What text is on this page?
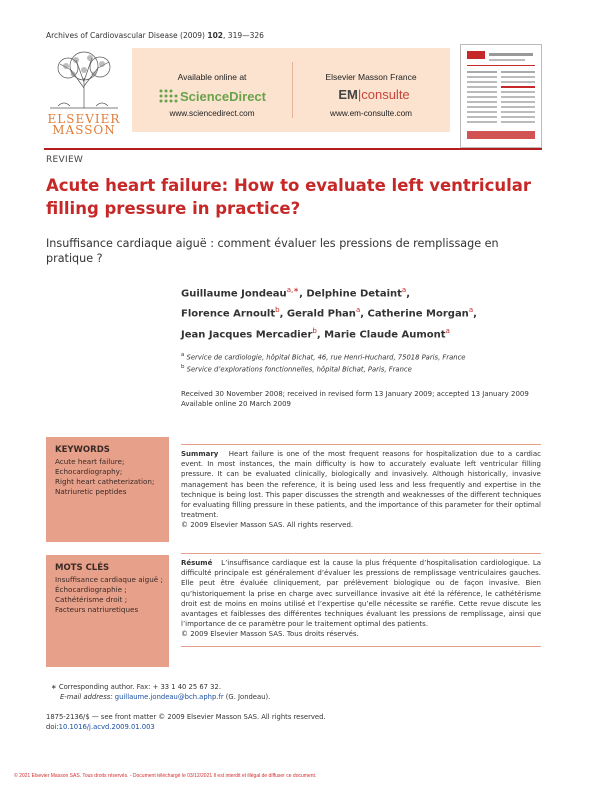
Archives of Cardiovascular Disease (2009) 102, 319—326
ELSEVIER
MASSON
Available online at
ScienceDirect
www.sciencedirect.com
Elsevier Masson France
EM|consulte
www.em-consulte.com
REVIEW
Acute heart failure: How to evaluate left ventricular filling pressure in practice?
Insuffisance cardiaque aiguë : comment évaluer les pressions de remplissage en pratique ?
Guillaume Jondeau$^{a,∗}$, Delphine Detaint$^a$,
Florence Arnoult$^b$, Gerald Phan$^a$, Catherine Morgan$^a$,
Jean Jacques Mercadier$^b$, Marie Claude Aumont$^a$
$^a$ Service de cardiologie, hôpital Bichat, 46, rue Henri-Huchard, 75018 Paris, France
$^b$ Service d’explorations fonctionnelles, hôpital Bichat, Paris, France
Received 30 November 2008; received in revised form 13 January 2009; accepted 13 January 2009
Available online 20 March 2009
KEYWORDS
Acute heart failure;
Echocardiography;
Right heart catheterization;
Natriuretic peptides
Summary Heart failure is one of the most frequent reasons for hospitalization due to a cardiac event. In most instances, the main difficulty is how to accurately evaluate left ventricular filling pressure. It can be evaluated clinically, biologically and invasively. Although historically, invasive management has been the reference, it is being used less and less frequently and expertise in the technique is being lost. This paper discusses the strength and weaknesses of the different techniques for evaluating filling pressure in these patients, and the importance of this parameter for their optimal treatment.
© 2009 Elsevier Masson SAS. All rights reserved.
MOTS CLÉS
Insuffisance cardiaque aiguë ;
Échocardiographie ;
Cathétérisme droit ;
Facteurs natriuretiques
Résumé L’insuffisance cardiaque est la cause la plus fréquente d’hospitalisation cardiologique. La difficulté principale est généralement d’évaluer les pressions de remplissage ventriculaires gauches. Elle peut être évaluée cliniquement, par prélèvement biologique ou de façon invasive. Bien qu’historiquement la prise en charge avec surveillance invasive ait été la référence, le cathétérisme droit est de moins en moins utilisé et l’expertise qu’elle nécessite se raréfie. Cette revue discute les avantages et faiblesses des différentes techniques évaluant les pressions de remplissage, ainsi que l’importance de ce paramètre pour le traitement optimal des patients.
© 2009 Elsevier Masson SAS. Tous droits réservés.
∗ Corresponding author. Fax: + 33 1 40 25 67 32.
E-mail address: guillaume.jondeau@bch.aphp.fr (G. Jondeau).
1875-2136/$ — see front matter © 2009 Elsevier Masson SAS. All rights reserved.
doi:10.1016/j.acvd.2009.01.003
© 2021 Elsevier Masson SAS. Tous droits réservés. - Document téléchargé le 03/12/2021 Il est interdit et illégal de diffuser ce document.
